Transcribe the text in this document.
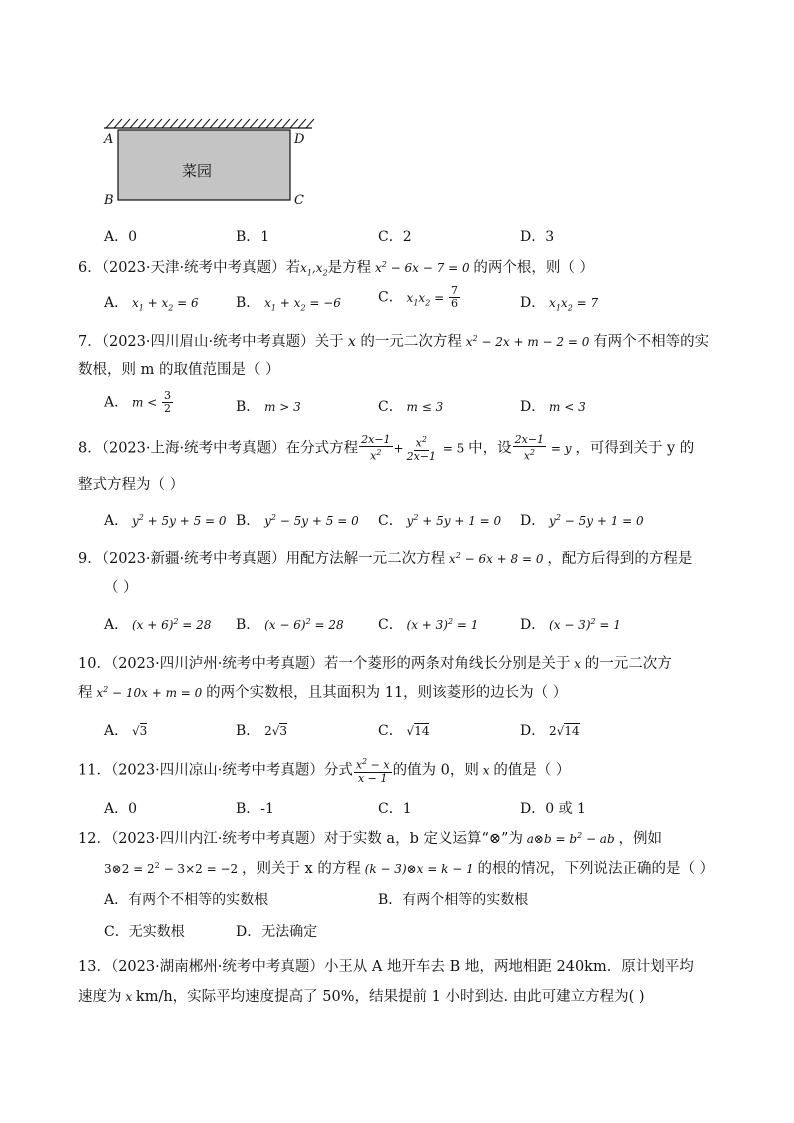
A
B	C
D
菜园
A．0	B．1	C．2	D．3
6．（2023·天津·统考中考真题）若$x_1,x_2$是方程 $x^2 - 6x - 7 = 0$ 的两个根，则（ ）
A． $x_1 + x_2 = 6$	B． $x_1 + x_2 = -6$	C． $x_1x_2 = \frac{7}{6}$	D． $x_1x_2 = 7$
7．（2023·四川眉山·统考中考真题）关于 x 的一元二次方程 $x^2 - 2x + m - 2 = 0$ 有两个不相等的实
数根，则 m 的取值范围是（ ）
A． $m < \frac{3}{2}$	B． m > 3	C． m ≤ 3	D． m < 3
8．（2023·上海·统考中考真题）在分式方程 $\frac{2x-1}{x^2} + \frac{x^2}{2x-1} = 5$ 中，设 $\frac{2x-1}{x^2} = y$ ，可得到关于 y 的
整式方程为（ ）
A． $y^2 + 5y + 5 = 0$ B． $y^2 - 5y + 5 = 0$ C． $y^2 + 5y + 1 = 0$ D． $y^2 - 5y + 1 = 0$
9．（2023·新疆·统考中考真题）用配方法解一元二次方程 $x^2 - 6x + 8 = 0$ ，配方后得到的方程是
（ ）
A． $(x + 6)^2 = 28$ B． $(x - 6)^2 = 28$ C． $(x + 3)^2 = 1$	D． $(x - 3)^2 = 1$
10．（2023·四川泸州·统考中考真题）若一个菱形的两条对角线长分别是关于 x 的一元二次方
程 $x^2 - 10x + m = 0$ 的两个实数根，且其面积为 11，则该菱形的边长为（ ）
A． √3	B． 2√3	C． √14	D． 2√14
11．（2023·四川凉山·统考中考真题）分式 $\frac{x^2 - x}{x - 1}$ 的值为 0，则 x 的值是（ ）
A．0	B．-1	C．1	D．0 或 1
12．（2023·四川内江·统考中考真题）对于实数 a，b 定义运算“⊗”为 a⊗b = $b^2$ − ab ，例如
3⊗2 = $2^2 - 3\times 2 = -2$ ，则关于 x 的方程 (k − 3)⊗x = k − 1 的根的情况，下列说法正确的是（ ）
A．有两个不相等的实数根	B．有两个相等的实数根
C．无实数根	D．无法确定
13．（2023·湖南郴州·统考中考真题）小王从 A 地开车去 B 地，两地相距 240km．原计划平均
速度为 x km/h，实际平均速度提高了 50%，结果提前 1 小时到达. 由此可建立方程为( )
